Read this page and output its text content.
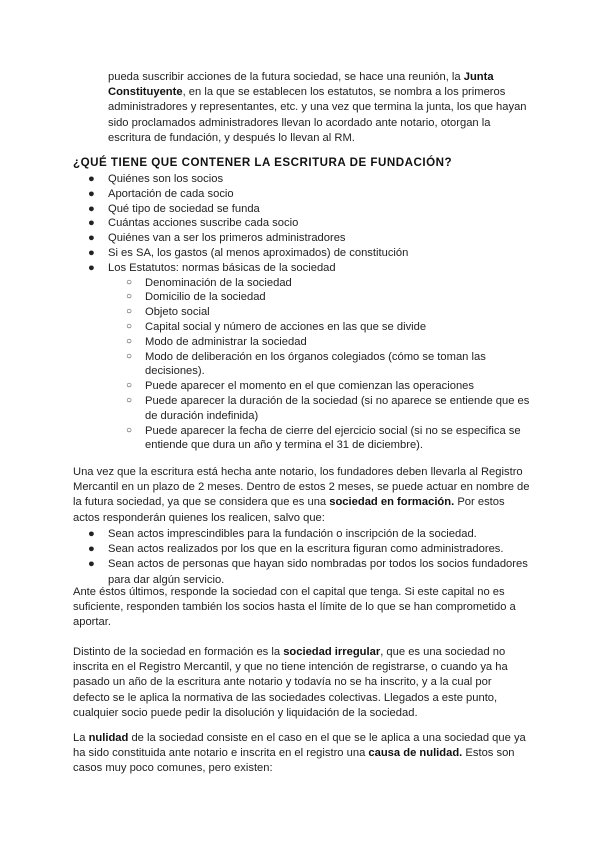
pueda suscribir acciones de la futura sociedad, se hace una reunión, la Junta Constituyente, en la que se establecen los estatutos, se nombra a los primeros administradores y representantes, etc. y una vez que termina la junta, los que hayan sido proclamados administradores llevan lo acordado ante notario, otorgan la escritura de fundación, y después lo llevan al RM.

¿QUÉ TIENE QUE CONTENER LA ESCRITURA DE FUNDACIÓN?
● Quiénes son los socios
● Aportación de cada socio
● Qué tipo de sociedad se funda
● Cuántas acciones suscribe cada socio
● Quiénes van a ser los primeros administradores
● Si es SA, los gastos (al menos aproximados) de constitución
● Los Estatutos: normas básicas de la sociedad
○ Denominación de la sociedad
○ Domicilio de la sociedad
○ Objeto social
○ Capital social y número de acciones en las que se divide
○ Modo de administrar la sociedad
○ Modo de deliberación en los órganos colegiados (cómo se toman las decisiones).
○ Puede aparecer el momento en el que comienzan las operaciones
○ Puede aparecer la duración de la sociedad (si no aparece se entiende que es de duración indefinida)
○ Puede aparecer la fecha de cierre del ejercicio social (si no se especifica se entiende que dura un año y termina el 31 de diciembre).

Una vez que la escritura está hecha ante notario, los fundadores deben llevarla al Registro Mercantil en un plazo de 2 meses. Dentro de estos 2 meses, se puede actuar en nombre de la futura sociedad, ya que se considera que es una sociedad en formación. Por estos actos responderán quienes los realicen, salvo que:

● Sean actos imprescindibles para la fundación o inscripción de la sociedad.
● Sean actos realizados por los que en la escritura figuran como administradores.
● Sean actos de personas que hayan sido nombradas por todos los socios fundadores para dar algún servicio.

Ante éstos últimos, responde la sociedad con el capital que tenga. Si este capital no es suficiente, responden también los socios hasta el límite de lo que se han comprometido a aportar.

Distinto de la sociedad en formación es la sociedad irregular, que es una sociedad no inscrita en el Registro Mercantil, y que no tiene intención de registrarse, o cuando ya ha pasado un año de la escritura ante notario y todavía no se ha inscrito, y a la cual por defecto se le aplica la normativa de las sociedades colectivas. Llegados a este punto, cualquier socio puede pedir la disolución y liquidación de la sociedad.

La nulidad de la sociedad consiste en el caso en el que se le aplica a una sociedad que ya ha sido constituida ante notario e inscrita en el registro una causa de nulidad. Estos son casos muy poco comunes, pero existen:
